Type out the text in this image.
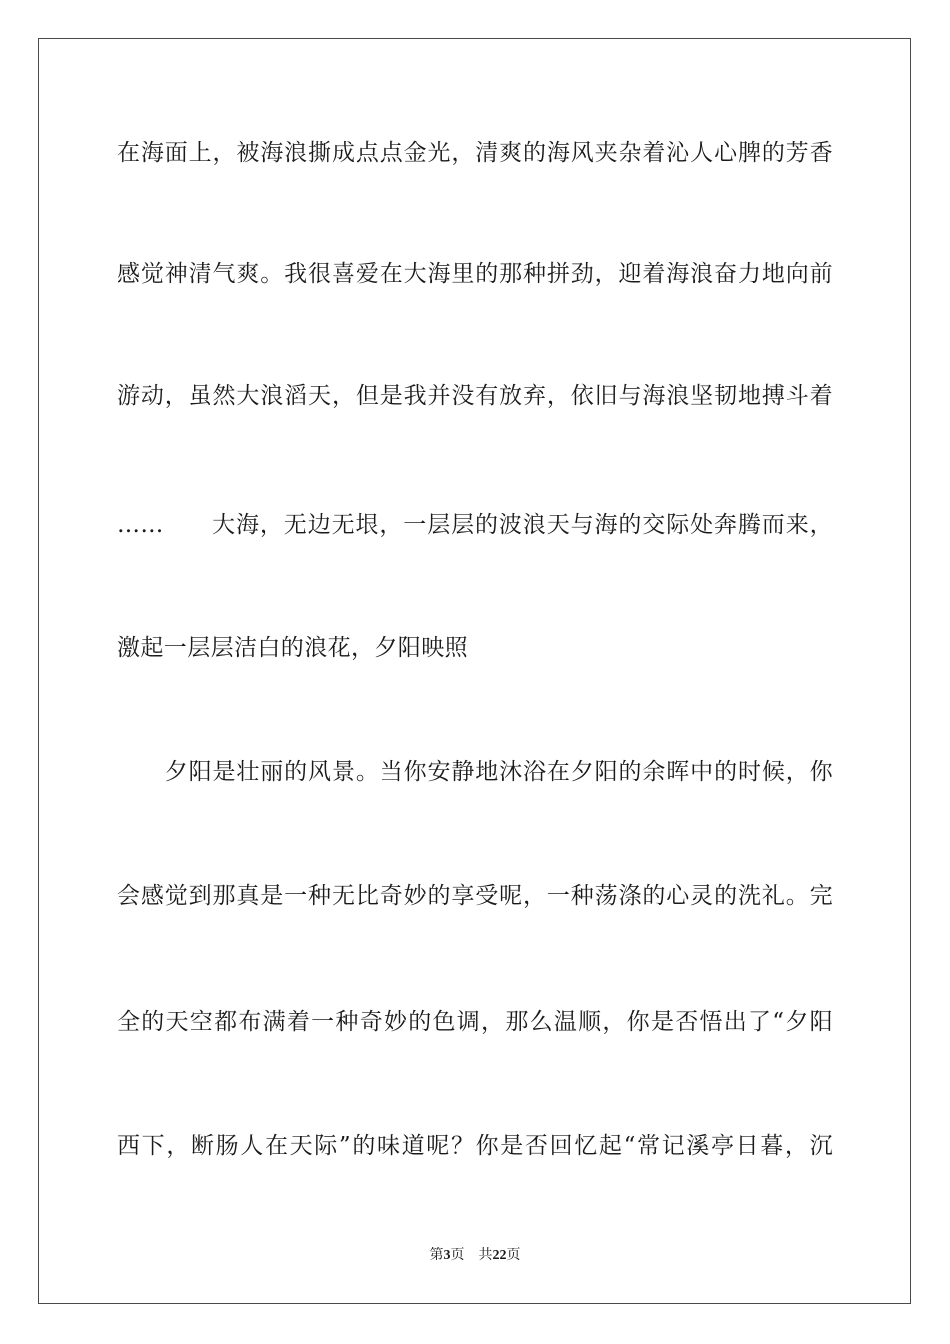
在海面上，被海浪撕成点点金光，清爽的海风夹杂着沁人心脾的芳香
感觉神清气爽。我很喜爱在大海里的那种拼劲，迎着海浪奋力地向前
游动，虽然大浪滔天，但是我并没有放弃，依旧与海浪坚韧地搏斗着
……　　大海，无边无垠，一层层的波浪天与海的交际处奔腾而来，
激起一层层洁白的浪花，夕阳映照
　　夕阳是壮丽的风景。当你安静地沐浴在夕阳的余晖中的时候，你
会感觉到那真是一种无比奇妙的享受呢，一种荡涤的心灵的洗礼。完
全的天空都布满着一种奇妙的色调，那么温顺，你是否悟出了“夕阳
西下，断肠人在天际”的味道呢？你是否回忆起“常记溪亭日暮，沉
第3页 共22页
